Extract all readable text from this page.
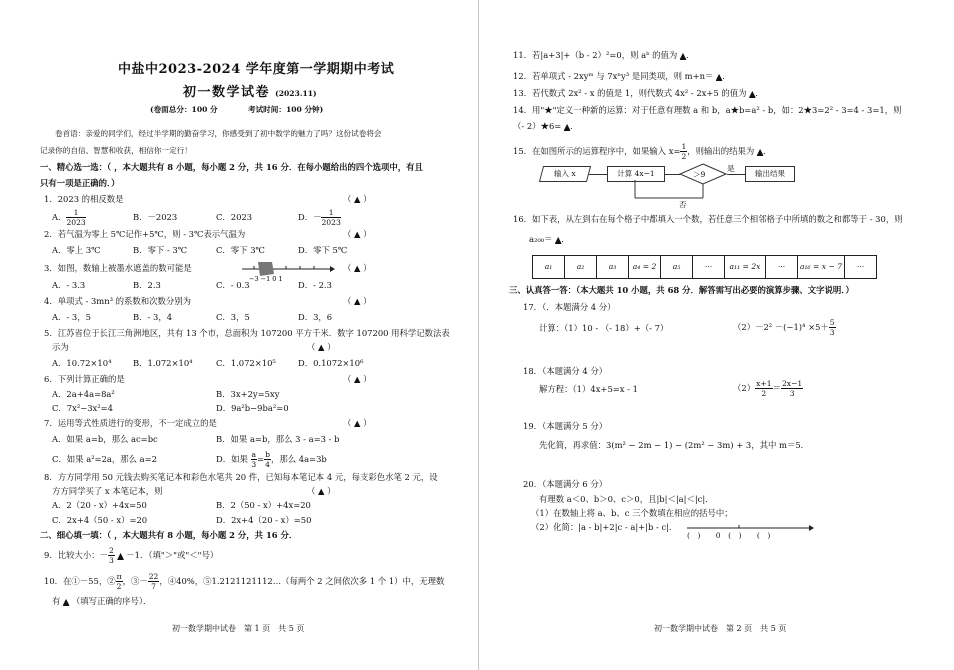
中盐中2023-2024 学年度第一学期期中考试
初一数学试卷 (2023.11)
(卷面总分：100 分	考试时间：100 分钟)
卷首语：亲爱的同学们，经过半学期的勤奋学习，你感受到了初中数学的魅力了吗？这份试卷将会
记录你的自信、智慧和收获，相信你一定行！
一、精心选一选：（ ，本大题共有 8 小题，每小题 2 分，共 16 分．在每小题给出的四个选项中，有且
只有一项是正确的．）
1．2023 的相反数是	（ ▲ ）
A． $\frac{1}{2023}$	B．－2023	C．2023	D．－ $\frac{1}{2023}$
2．若气温为零上 5℃记作+5℃，则 - 3℃表示气温为	（ ▲ ）
A．零上 3℃	B．零下 - 3℃	C．零下 3℃	D．零下 5℃
3．如图，数轴上被墨水遮盖的数可能是
−3 −1 0 1
（ ▲ ）
A．- 3.3	B．2.3	C．- 0.3	D．- 2.3
4．单项式 - 3mn³ 的系数和次数分别为	（ ▲ ）
A．- 3，5	B．- 3，4	C．3，5	D．3，6
5．江苏省位于长江三角洲地区，共有 13 个市，总面积为 107200 平方千米．数字 107200 用科学记数法表
示为	（ ▲ ）
A．10.72×10⁴	B．1.072×10⁴	C．1.072×10⁵	D．0.1072×10⁶
6．下列计算正确的是	（ ▲ ）
A．2a+4a=8a²	B．3x+2y=5xy
C．7x²−3x²=4	D．9a²b−9ba²=0
7．运用等式性质进行的变形，不一定成立的是	（ ▲ ）
A．如果 a=b，那么 ac=bc	B．如果 a=b，那么 3 - a=3 - b
C．如果 a²=2a，那么 a=2	D．如果 $\frac{a}{3} = \frac{b}{4}$ ，那么 4a=3b
8．方方同学用 50 元钱去购买笔记本和彩色水笔共 20 件，已知每本笔记本 4 元，每支彩色水笔 2 元，设
方方同学买了 x 本笔记本，则	（ ▲ ）
A．2（20 - x）+4x=50	B．2（50 - x）+4x=20
C．2x+4（50 - x）=20	D．2x+4（20 - x）=50
二、细心填一填：（ ，本大题共有 8 小题，每小题 2 分，共 16 分．
9．比较大小：－ $\frac{2}{3}$ ▲ －1．（填"＞"或"＜"号）
10．在①－55，② $\frac{\pi}{2}$ ，③－ $\frac{22}{7}$ ，④40%，⑤1.2121121112…（每两个 2 之间依次多 1 个 1）中，无理数
有 ▲ （填写正确的序号）．
初一数学期中试卷　第 1 页　共 5 页
11．若|a+3|+（b - 2）²=0，则 aᵇ 的值为 ▲．
12．若单项式 - 2xyᵐ 与 7xⁿy³ 是同类项，则 m+n＝ ▲．
13．若代数式 2x² - x 的值是 1，则代数式 4x² - 2x+5 的值为 ▲．
14．用"★"定义一种新的运算：对于任意有理数 a 和 b，a★b=a² - b，如：2★3=2² - 3=4 - 3=1，则
（- 2）★6= ▲．
15．在如图所示的运算程序中，如果输入 $x= \frac{1}{2}$ ，则输出的结果为 ▲．
输入 x	计算 4x−1	＞9
是
输出结果
否
16．如下表，从左到右在每个格子中都填入一个数，若任意三个相邻格子中所填的数之和都等于 - 30，则
a₂₀₀＝ ▲．
a₁	a₂	a₃	a₄ = 2	a₅	···	a₁₁ = 2x	···	a₁₆ = x − 7	···
三、认真答一答：（本大题共 10 小题，共 68 分．解答需写出必要的演算步骤、文字说明．）
17．（．本题满分 4 分）
计算：（1）10 - （- 18）+（- 7）	$(2)-2^2 -(-1)^4 \times 5+ \frac{5}{3}$
18．（本题满分 4 分）
解方程：（1）4x+5=x - 1	$(2) \frac{x+1}{2} = \frac{2x-1}{3}$
19．（本题满分 5 分）
先化简，再求值：3(m² − 2m − 1) − (2m² − 3m) + 3，其中 m＝5．
20．（本题满分 6 分）
有理数 a＜0、b＞0、c＞0，且|b|＜|a|＜|c|．
（1）在数轴上将 a、b、c 三个数填在相应的括号中；
（2）化简：|a - b|+2|c - a|+|b - c|．
(　)　　0　(　)　　(　)
初一数学期中试卷　第 2 页　共 5 页
